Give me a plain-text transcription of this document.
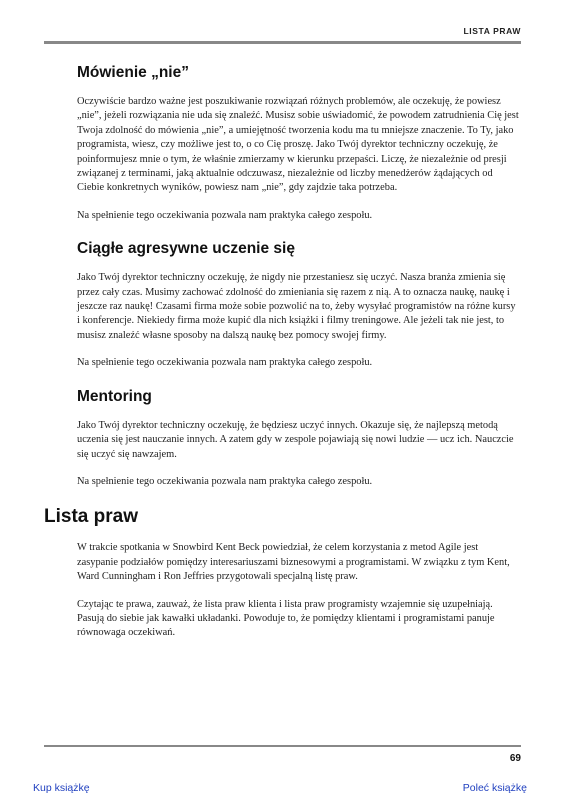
LISTA PRAW
Mówienie „nie”

Oczywiście bardzo ważne jest poszukiwanie rozwiązań różnych problemów, ale oczekuję, że powiesz „nie”, jeżeli rozwiązania nie uda się znaleźć. Musisz sobie uświadomić, że powodem zatrudnienia Cię jest Twoja zdolność do mówienia „nie”, a umiejętność tworzenia kodu ma tu mniejsze znaczenie. To Ty, jako programista, wiesz, czy możliwe jest to, o co Cię proszę. Jako Twój dyrektor techniczny oczekuję, że poinformujesz mnie o tym, że właśnie zmierzamy w kierunku przepaści. Liczę, że niezależnie od presji związanej z terminami, jaką aktualnie odczuwasz, niezależnie od liczby menedżerów żądających od Ciebie konkretnych wyników, powiesz nam „nie”, gdy zajdzie taka potrzeba.

Na spełnienie tego oczekiwania pozwala nam praktyka całego zespołu.

Ciągłe agresywne uczenie się

Jako Twój dyrektor techniczny oczekuję, że nigdy nie przestaniesz się uczyć. Nasza branża zmienia się przez cały czas. Musimy zachować zdolność do zmieniania się razem z nią. A to oznacza naukę, naukę i jeszcze raz naukę! Czasami firma może sobie pozwolić na to, żeby wysyłać programistów na różne kursy i konferencje. Niekiedy firma może kupić dla nich książki i filmy treningowe. Ale jeżeli tak nie jest, to musisz znaleźć własne sposoby na dalszą naukę bez pomocy swojej firmy.

Na spełnienie tego oczekiwania pozwala nam praktyka całego zespołu.

Mentoring

Jako Twój dyrektor techniczny oczekuję, że będziesz uczyć innych. Okazuje się, że najlepszą metodą uczenia się jest nauczanie innych. A zatem gdy w zespole pojawiają się nowi ludzie — ucz ich. Nauczcie się uczyć się nawzajem.

Na spełnienie tego oczekiwania pozwala nam praktyka całego zespołu.

Lista praw

W trakcie spotkania w Snowbird Kent Beck powiedział, że celem korzystania z metod Agile jest zasypanie podziałów pomiędzy interesariuszami biznesowymi a programistami. W związku z tym Kent, Ward Cunningham i Ron Jeffries przygotowali specjalną listę praw.

Czytając te prawa, zauważ, że lista praw klienta i lista praw programisty wzajemnie się uzupełniają. Pasują do siebie jak kawałki układanki. Powoduje to, że pomiędzy klientami i programistami panuje równowaga oczekiwań.

69
Kup książkę	Poleć książkę
